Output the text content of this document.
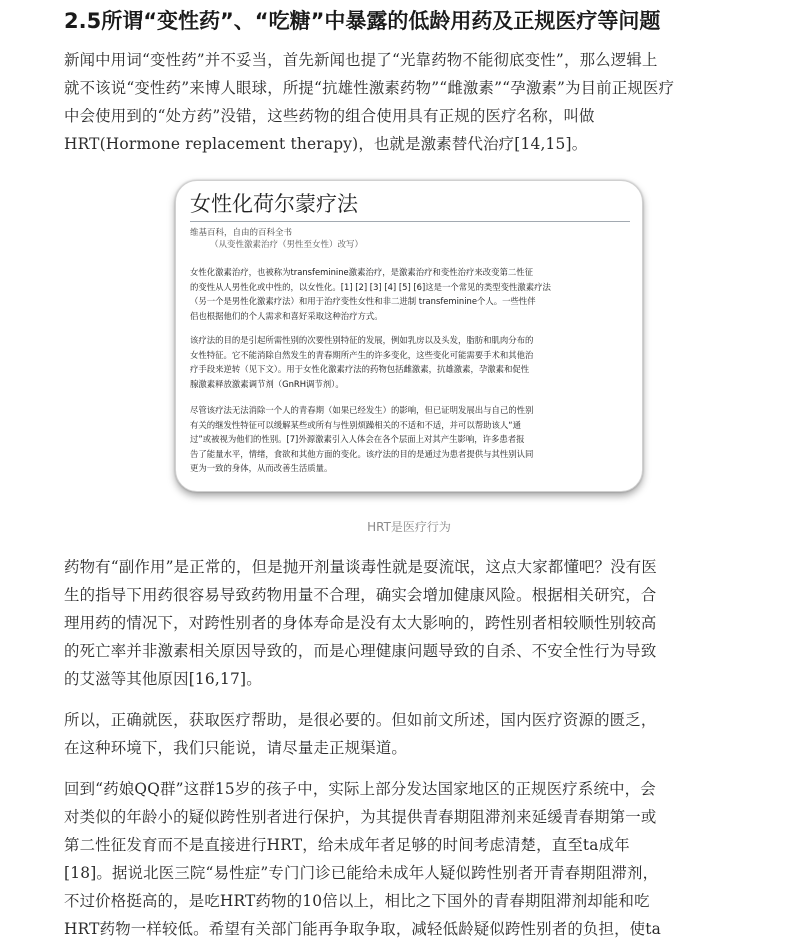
2.5所谓“变性药”、“吃糖”中暴露的低龄用药及正规医疗等问题

新闻中用词“变性药”并不妥当，首先新闻也提了“光靠药物不能彻底变性”，那么逻辑上
就不该说“变性药”来博人眼球，所提“抗雄性激素药物”“雌激素”“孕激素”为目前正规医疗
中会使用到的“处方药”没错，这些药物的组合使用具有正规的医疗名称，叫做
HRT(Hormone replacement therapy)，也就是激素替代治疗[14,15]。

女性化荷尔蒙疗法
维基百科，自由的百科全书
（从变性激素治疗（男性至女性）改写）
女性化激素治疗，也被称为transfeminine激素治疗，是激素治疗和变性治疗来改变第二性征
的变性从人男性化或中性的，以女性化。[1] [2] [3] [4] [5] [6]这是一个常见的类型变性激素疗法
（另一个是男性化激素疗法）和用于治疗变性女性和非二进制 transfeminine个人。一些性伴
侣也根据他们的个人需求和喜好采取这种治疗方式。
该疗法的目的是引起所需性别的次要性别特征的发展，例如乳房以及头发，脂肪和肌肉分布的
女性特征。它不能消除自然发生的青春期所产生的许多变化，这些变化可能需要手术和其他治
疗手段来逆转（见下文）。用于女性化激素疗法的药物包括雌激素，抗雄激素，孕激素和促性
腺激素释放激素调节剂（GnRH调节剂）。
尽管该疗法无法消除一个人的青春期（如果已经发生）的影响，但已证明发展出与自己的性别
有关的继发性特征可以缓解某些或所有与性别烦躁相关的不适和不适，并可以帮助该人“通
过”或被视为他们的性别。[7]外源激素引入人体会在各个层面上对其产生影响，许多患者报
告了能量水平，情绪，食欲和其他方面的变化。该疗法的目的是通过为患者提供与其性别认同
更为一致的身体，从而改善生活质量。
HRT是医疗行为

药物有“副作用”是正常的，但是抛开剂量谈毒性就是耍流氓，这点大家都懂吧？没有医
生的指导下用药很容易导致药物用量不合理，确实会增加健康风险。根据相关研究，合
理用药的情况下，对跨性别者的身体寿命是没有太大影响的，跨性别者相较顺性别较高
的死亡率并非激素相关原因导致的，而是心理健康问题导致的自杀、不安全性行为导致
的艾滋等其他原因[16,17]。

所以，正确就医，获取医疗帮助，是很必要的。但如前文所述，国内医疗资源的匮乏，
在这种环境下，我们只能说，请尽量走正规渠道。

回到“药娘QQ群”这群15岁的孩子中，实际上部分发达国家地区的正规医疗系统中，会
对类似的年龄小的疑似跨性别者进行保护，为其提供青春期阻滞剂来延缓青春期第一或
第二性征发育而不是直接进行HRT，给未成年者足够的时间考虑清楚，直至ta成年
[18]。据说北医三院“易性症”专门门诊已能给未成年人疑似跨性别者开青春期阻滞剂，
不过价格挺高的，是吃HRT药物的10倍以上，相比之下国外的青春期阻滞剂却能和吃
HRT药物一样较低。希望有关部门能再争取争取，减轻低龄疑似跨性别者的负担，使ta
